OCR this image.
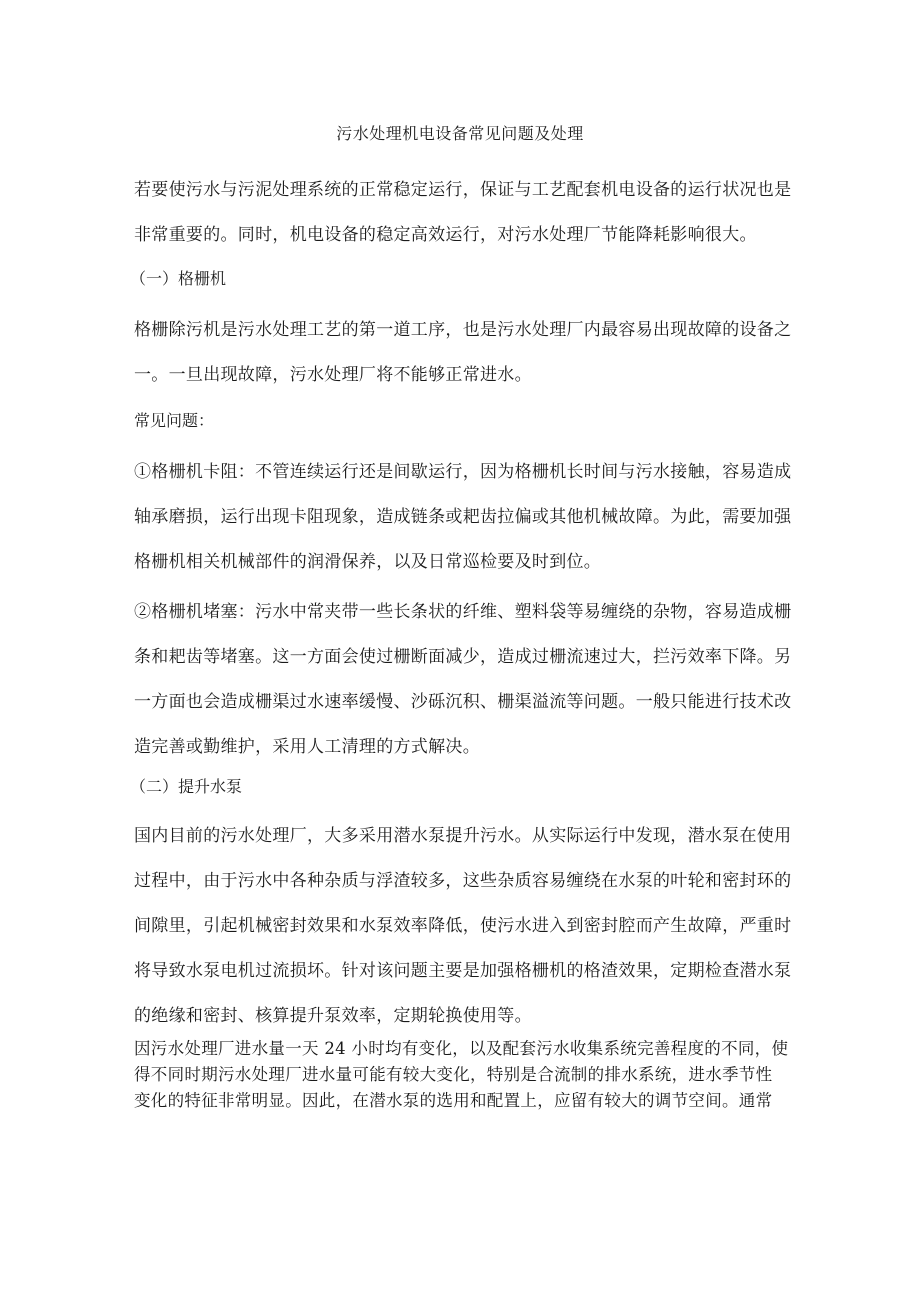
污水处理机电设备常见问题及处理
若要使污水与污泥处理系统的正常稳定运行，保证与工艺配套机电设备的运行状况也是
非常重要的。同时，机电设备的稳定高效运行，对污水处理厂节能降耗影响很大。
（一）格栅机
格栅除污机是污水处理工艺的第一道工序，也是污水处理厂内最容易出现故障的设备之
一。一旦出现故障，污水处理厂将不能够正常进水。
常见问题：
①格栅机卡阻：不管连续运行还是间歇运行，因为格栅机长时间与污水接触，容易造成
轴承磨损，运行出现卡阻现象，造成链条或耙齿拉偏或其他机械故障。为此，需要加强
格栅机相关机械部件的润滑保养，以及日常巡检要及时到位。
②格栅机堵塞：污水中常夹带一些长条状的纤维、塑料袋等易缠绕的杂物，容易造成栅
条和耙齿等堵塞。这一方面会使过栅断面减少，造成过栅流速过大，拦污效率下降。另
一方面也会造成栅渠过水速率缓慢、沙砾沉积、栅渠溢流等问题。一般只能进行技术改
造完善或勤维护，采用人工清理的方式解决。
（二）提升水泵
国内目前的污水处理厂，大多采用潜水泵提升污水。从实际运行中发现，潜水泵在使用
过程中，由于污水中各种杂质与浮渣较多，这些杂质容易缠绕在水泵的叶轮和密封环的
间隙里，引起机械密封效果和水泵效率降低，使污水进入到密封腔而产生故障，严重时
将导致水泵电机过流损坏。针对该问题主要是加强格栅机的格渣效果，定期检查潜水泵
的绝缘和密封、核算提升泵效率，定期轮换使用等。
因污水处理厂进水量一天 24 小时均有变化，以及配套污水收集系统完善程度的不同，使
得不同时期污水处理厂进水量可能有较大变化，特别是合流制的排水系统，进水季节性
变化的特征非常明显。因此，在潜水泵的选用和配置上，应留有较大的调节空间。通常
